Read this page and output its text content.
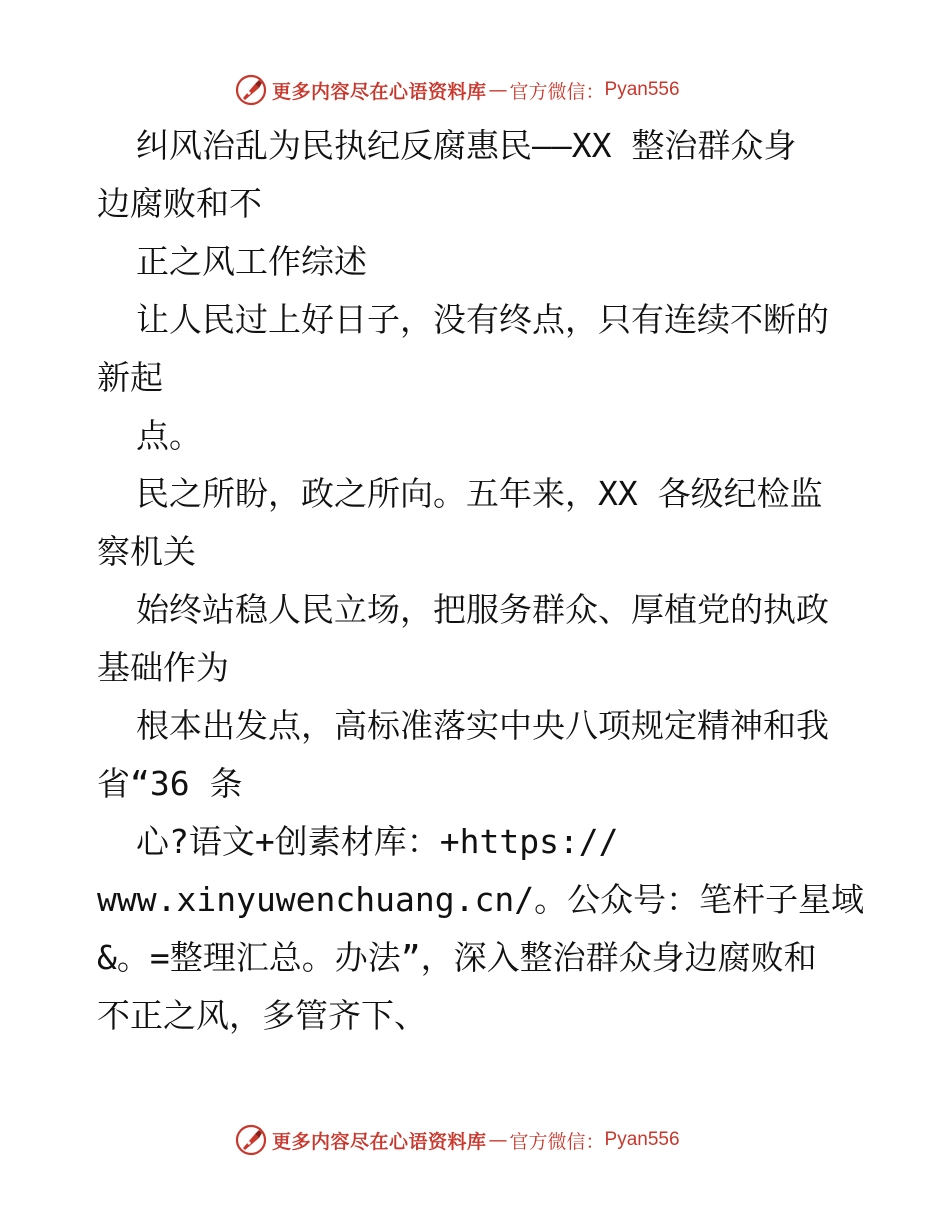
更多内容尽在心语资料库 — 官方微信： Pyan556
纠风治乱为民执纪反腐惠民——XX 整治群众身
边腐败和不
正之风工作综述
让人民过上好日子，没有终点，只有连续不断的
新起
点。
民之所盼，政之所向。五年来，XX 各级纪检监
察机关
始终站稳人民立场，把服务群众、厚植党的执政
基础作为
根本出发点，高标准落实中央八项规定精神和我
省“36 条
心?语文+创素材库：+https://
www.xinyuwenchuang.cn/。公众号：笔杆子星域
&。=整理汇总。办法”，深入整治群众身边腐败和
不正之风，多管齐下、
更多内容尽在心语资料库 — 官方微信： Pyan556
